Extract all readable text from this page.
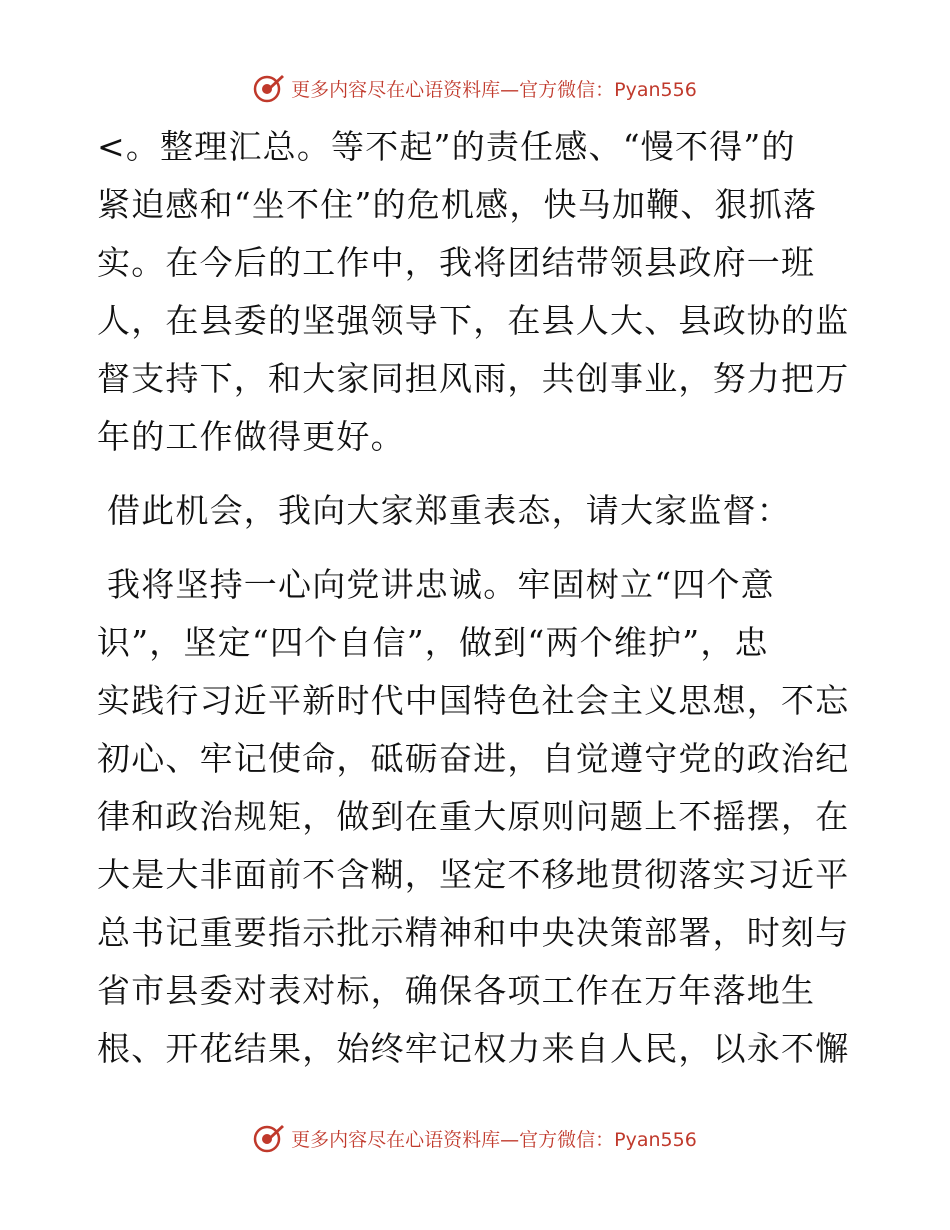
更多内容尽在心语资料库—官方微信：Pyan556
<。整理汇总。等不起”的责任感、“慢不得”的
紧迫感和“坐不住”的危机感，快马加鞭、狠抓落
实。在今后的工作中，我将团结带领县政府一班
人，在县委的坚强领导下，在县人大、县政协的监
督支持下，和大家同担风雨，共创事业，努力把万
年的工作做得更好。
借此机会，我向大家郑重表态，请大家监督：
我将坚持一心向党讲忠诚。牢固树立“四个意
识”，坚定“四个自信”，做到“两个维护”，忠
实践行习近平新时代中国特色社会主义思想，不忘
初心、牢记使命，砥砺奋进，自觉遵守党的政治纪
律和政治规矩，做到在重大原则问题上不摇摆，在
大是大非面前不含糊，坚定不移地贯彻落实习近平
总书记重要指示批示精神和中央决策部署，时刻与
省市县委对表对标，确保各项工作在万年落地生
根、开花结果，始终牢记权力来自人民，以永不懈
更多内容尽在心语资料库—官方微信：Pyan556
